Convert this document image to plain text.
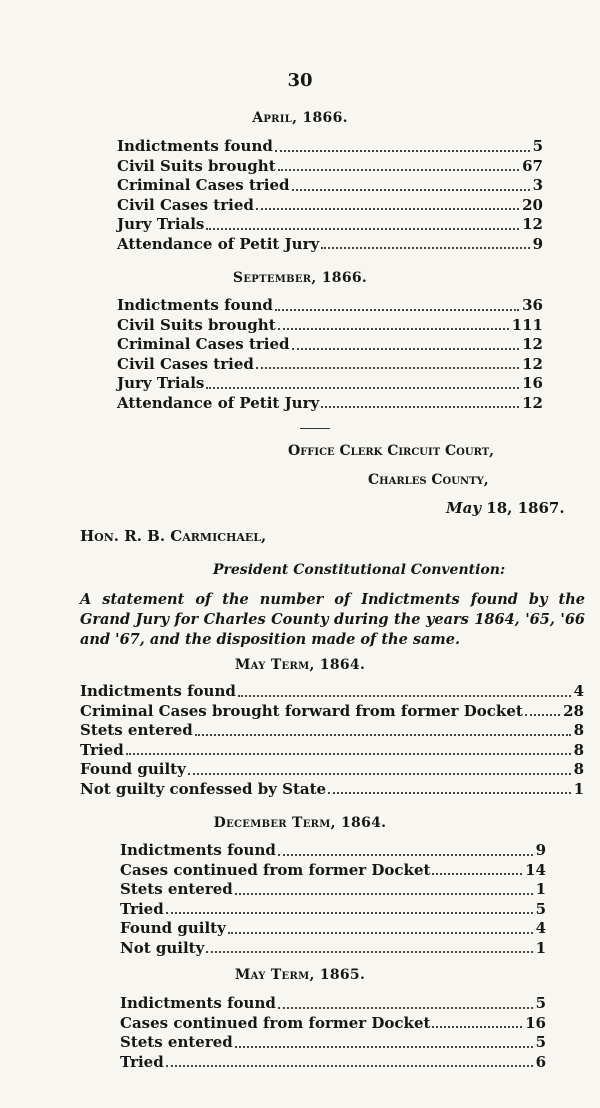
30
April, 1866.
Indictments found	5
Civil Suits brought	67
Criminal Cases tried	3
Civil Cases tried	20
Jury Trials	12
Attendance of Petit Jury	9
September, 1866.
Indictments found	36
Civil Suits brought	111
Criminal Cases tried	12
Civil Cases tried	12
Jury Trials	16
Attendance of Petit Jury	12
Office Clerk Circuit Court,
Charles County,
May 18, 1867.
Hon. R. B. Carmichael,
President Constitutional Convention:
A statement of the number of Indictments found by the Grand Jury for Charles County during the years 1864, '65, '66 and '67, and the disposition made of the same.
May Term, 1864.
Indictments found	4
Criminal Cases brought forward from former Docket	28
Stets entered	8
Tried	8
Found guilty	8
Not guilty confessed by State	1
December Term, 1864.
Indictments found	9
Cases continued from former Docket	14
Stets entered	1
Tried	5
Found guilty	4
Not guilty	1
May Term, 1865.
Indictments found	5
Cases continued from former Docket	16
Stets entered	5
Tried	6
